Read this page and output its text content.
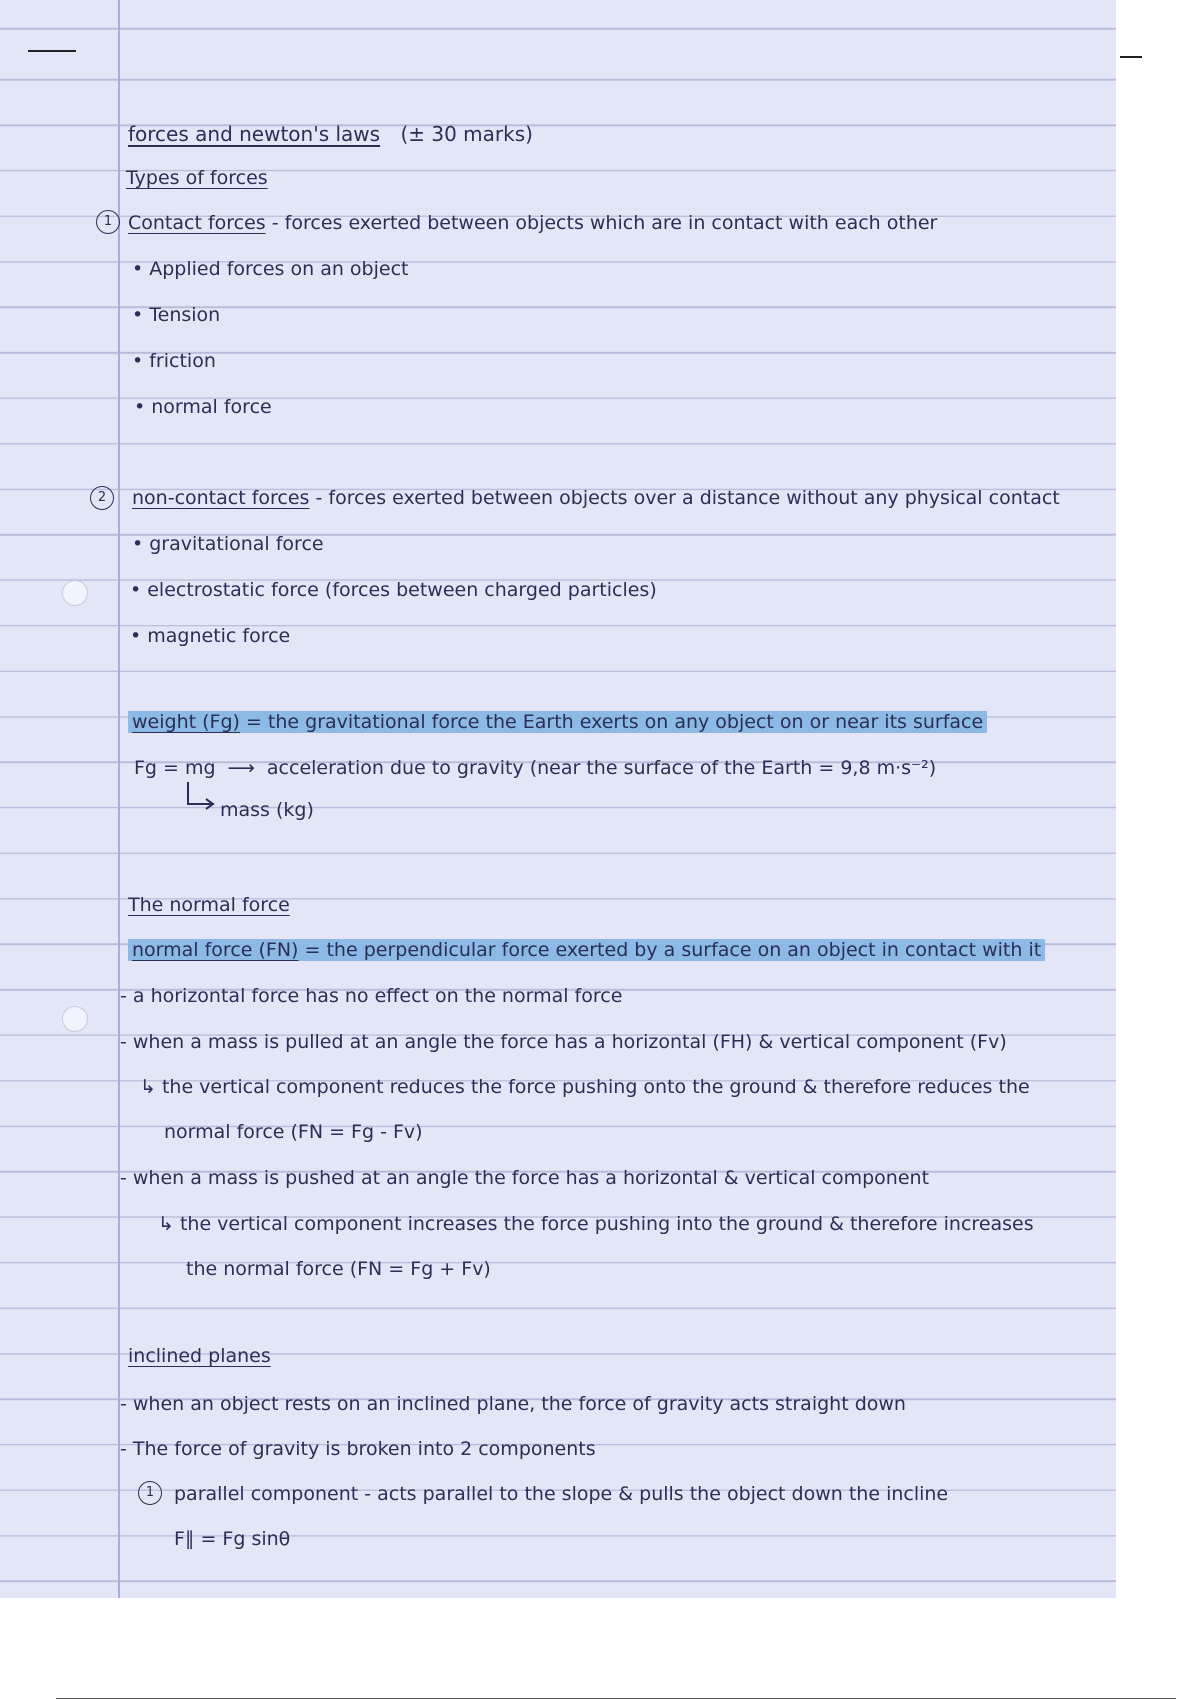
forces and newton's laws (± 30 marks)
Types of forces
1 Contact forces - forces exerted between objects which are in contact with each other
• Applied forces on an object
• Tension
• friction
• normal force
2	non-contact forces - forces exerted between objects over a distance without any physical contact
• gravitational force
• electrostatic force (forces between charged particles)
• magnetic force
weight (Fg) = the gravitational force the Earth exerts on any object on or near its surface
Fg = mg ⟶ acceleration due to gravity (near the surface of the Earth = 9,8 m·s⁻²)
mass (kg)
The normal force
normal force (FN) = the perpendicular force exerted by a surface on an object in contact with it
- a horizontal force has no effect on the normal force
- when a mass is pulled at an angle the force has a horizontal (FH) & vertical component (Fv)
↳ the vertical component reduces the force pushing onto the ground & therefore reduces the
normal force (FN = Fg - Fv)
- when a mass is pushed at an angle the force has a horizontal & vertical component
↳ the vertical component increases the force pushing into the ground & therefore increases
the normal force (FN = Fg + Fv)
inclined planes
- when an object rests on an inclined plane, the force of gravity acts straight down
- The force of gravity is broken into 2 components
1	parallel component - acts parallel to the slope & pulls the object down the incline
F∥ = Fg sinθ
